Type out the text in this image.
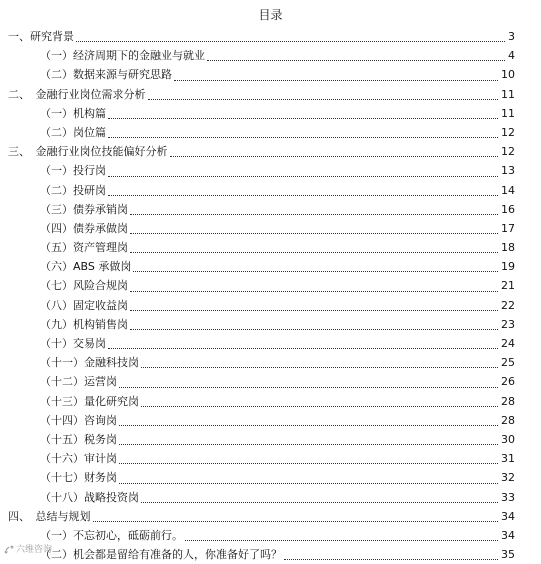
目录
一、研究背景	3
（一）经济周期下的金融业与就业	4
（二）数据来源与研究思路	10
二、　金融行业岗位需求分析	11
（一）机构篇	11
（二）岗位篇	12
三、　金融行业岗位技能偏好分析	12
（一）投行岗	13
（二）投研岗	14
（三）债券承销岗	16
（四）债券承做岗	17
（五）资产管理岗	18
（六）ABS 承做岗	19
（七）风险合规岗	21
（八）固定收益岗	22
（九）机构销售岗	23
（十）交易岗	24
（十一）金融科技岗	25
（十二）运营岗	26
（十三）量化研究岗	28
（十四）咨询岗	28
（十五）税务岗	30
（十六）审计岗	31
（十七）财务岗	32
（十八）战略投资岗	33
四、　总结与规划	34
（一）不忘初心，砥砺前行。	34
（二）机会都是留给有准备的人，你准备好了吗？	35
六维咨询
